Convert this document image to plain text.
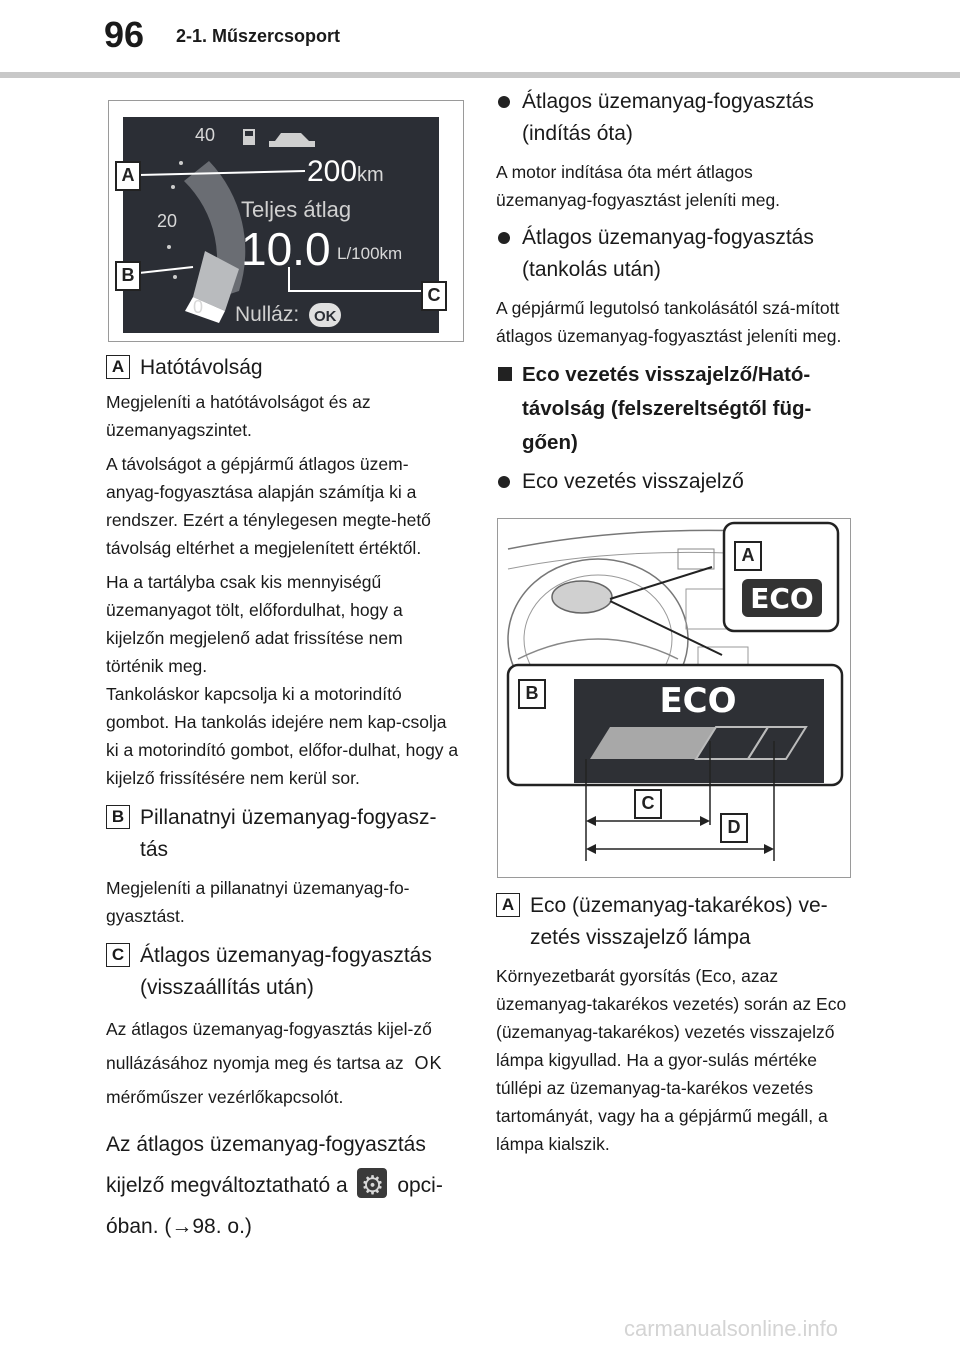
96 2-1. Műszercsoport
40
20
0
200 km
Teljes átlag
10.0 L/100km
Nulláz: OK
A
B
C
A Hatótávolság

Megjeleníti a hatótávolságot és az üzemanyagszintet.

A távolságot a gépjármű átlagos üzem-anyag-fogyasztása alapján számítja ki a rendszer. Ezért a ténylegesen megte-hető távolság eltérhet a megjelenített értéktől.

Ha a tartályba csak kis mennyiségű üzemanyagot tölt, előfordulhat, hogy a kijelzőn megjelenő adat frissítése nem történik meg.

Tankoláskor kapcsolja ki a motorindító gombot. Ha tankolás idejére nem kap-csolja ki a motorindító gombot, előfor-dulhat, hogy a kijelző frissítésére nem kerül sor.

B Pillanatnyi üzemanyag-fogyasz-tás

Megjeleníti a pillanatnyi üzemanyag-fo-gyasztást.

C Átlagos üzemanyag-fogyasztás (visszaállítás után)

Az átlagos üzemanyag-fogyasztás kijel-ző nullázásához nyomja meg és tartsa az OK mérőműszer vezérlőkapcsolót.

Az átlagos üzemanyag-fogyasztás kijelző megváltoztatható a ⚙ opci- óban. (→98. o.)

Átlagos üzemanyag-fogyasztás (indítás óta)

A motor indítása óta mért átlagos üzemanyag-fogyasztást jeleníti meg.

Átlagos üzemanyag-fogyasztás (tankolás után)

A gépjármű legutolsó tankolásától szá-mított átlagos üzemanyag-fogyasztást jeleníti meg.

Eco vezetés visszajelző/Ható-távolság (felszereltségtől füg-gően)
Eco vezetés visszajelző
ECO
ECO
A
B
C
D
A Eco (üzemanyag-takarékos) ve-zetés visszajelző lámpa

Környezetbarát gyorsítás (Eco, azaz üzemanyag-takarékos vezetés) során az Eco (üzemanyag-takarékos) vezetés visszajelző lámpa kigyullad. Ha a gyor-sulás mértéke túllépi az üzemanyag-ta-karékos vezetés tartományát, vagy ha a gépjármű megáll, a lámpa kialszik.

carmanualsonline.info
